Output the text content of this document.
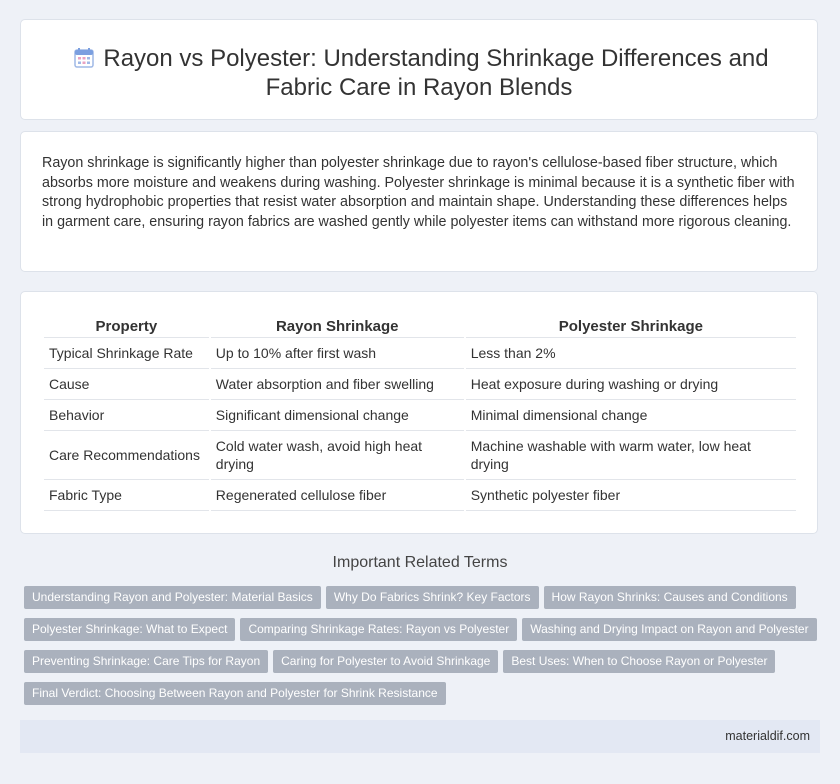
Rayon vs Polyester: Understanding Shrinkage Differences and
Fabric Care in Rayon Blends
Rayon shrinkage is significantly higher than polyester shrinkage due to rayon's cellulose-based fiber structure, which absorbs more moisture and weakens during washing. Polyester shrinkage is minimal because it is a synthetic fiber with strong hydrophobic properties that resist water absorption and maintain shape. Understanding these differences helps in garment care, ensuring rayon fabrics are washed gently while polyester items can withstand more rigorous cleaning.
Property	Rayon Shrinkage	Polyester Shrinkage
Typical Shrinkage Rate	Up to 10% after first wash	Less than 2%
Cause	Water absorption and fiber swelling	Heat exposure during washing or drying
Behavior	Significant dimensional change	Minimal dimensional change
Care Recommendations	Cold water wash, avoid high heat drying	Machine washable with warm water, low heat drying
Fabric Type	Regenerated cellulose fiber	Synthetic polyester fiber
Important Related Terms
Understanding Rayon and Polyester: Material Basics Why Do Fabrics Shrink? Key Factors How Rayon Shrinks: Causes and Conditions
Polyester Shrinkage: What to Expect Comparing Shrinkage Rates: Rayon vs Polyester Washing and Drying Impact on Rayon and Polyester
Preventing Shrinkage: Care Tips for Rayon Caring for Polyester to Avoid Shrinkage Best Uses: When to Choose Rayon or Polyester
Final Verdict: Choosing Between Rayon and Polyester for Shrink Resistance
materialdif.com
